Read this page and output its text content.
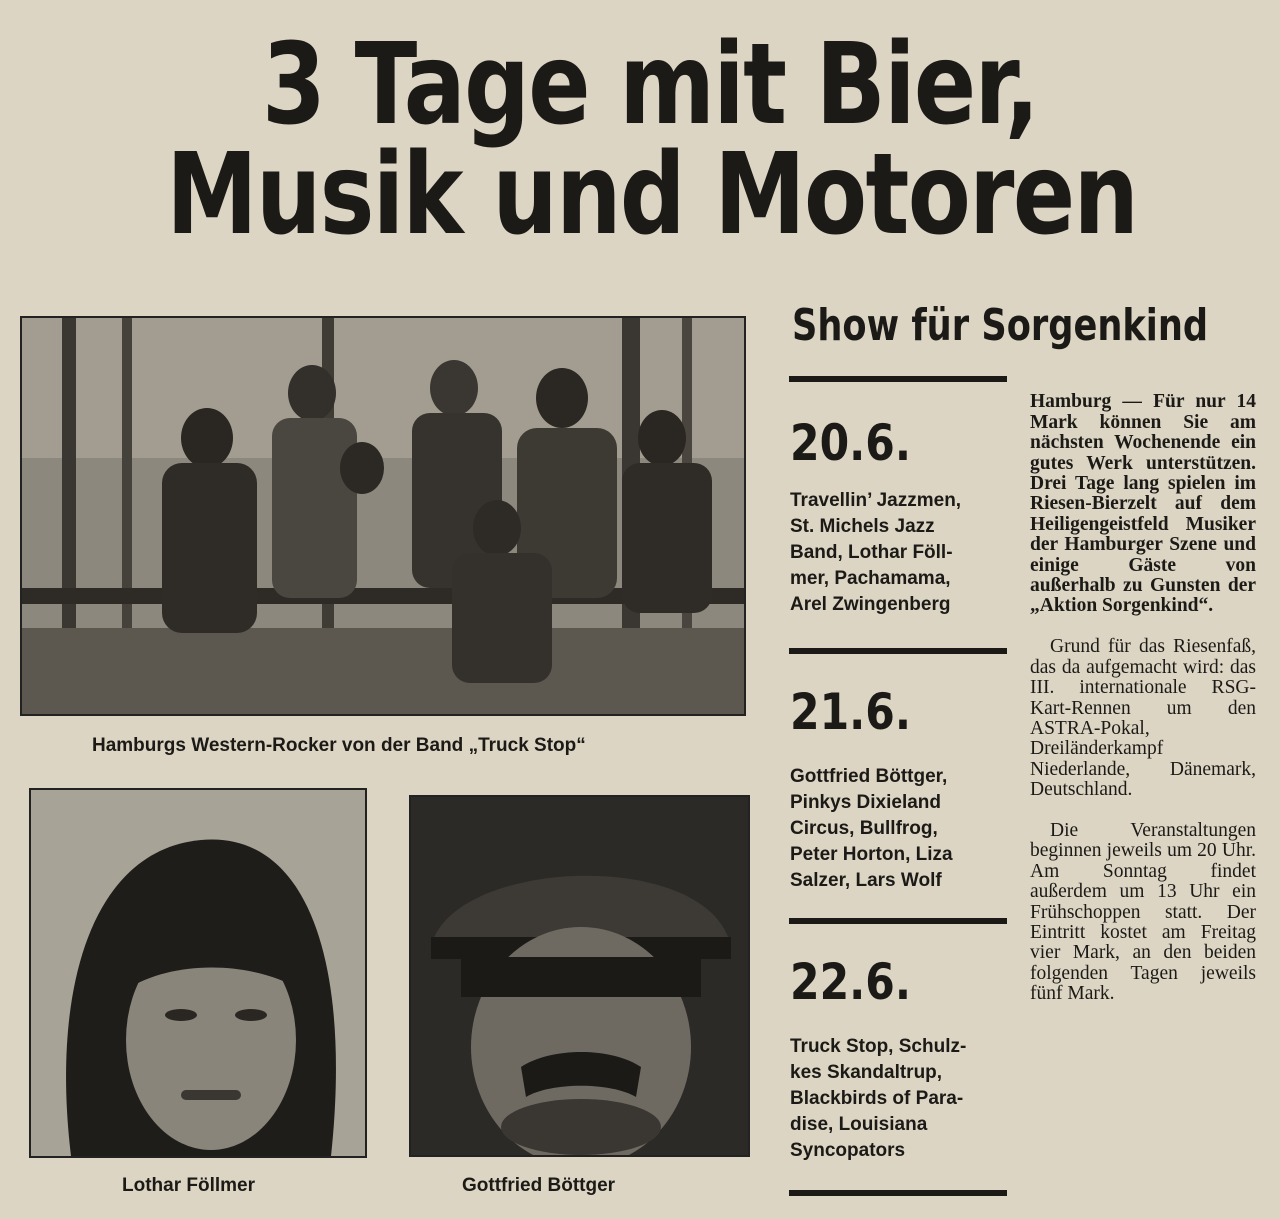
3 Tage mit Bier,
Musik und Motoren
Hamburgs Western-Rocker von der Band „Truck Stop“
Lothar Föllmer	Gottfried Böttger
Show für Sorgenkind
20.6.
Travellin’ Jazzmen,
St. Michels Jazz
Band, Lothar Föll-
mer, Pachamama,
Arel Zwingenberg
21.6.
Gottfried Böttger,
Pinkys Dixieland
Circus, Bullfrog,
Peter Horton, Liza
Salzer, Lars Wolf
22.6.
Truck Stop, Schulz-
kes Skandaltrup,
Blackbirds of Para-
dise, Louisiana
Syncopators

Hamburg — Für nur 14 Mark können Sie am nächsten Wochenende ein gutes Werk unterstützen. Drei Tage lang spielen im Riesen-Bierzelt auf dem Heiligengeistfeld Musiker der Hamburger Szene und einige Gäste von außerhalb zu Gunsten der „Aktion Sorgenkind“.

Grund für das Riesenfaß, das da aufgemacht wird: das III. internationale RSG-Kart-Rennen um den ASTRA-Pokal, Dreiländerkampf Niederlande, Dänemark, Deutschland.

Die Veranstaltungen beginnen jeweils um 20 Uhr. Am Sonntag findet außerdem um 13 Uhr ein Frühschoppen statt. Der Eintritt kostet am Freitag vier Mark, an den beiden folgenden Tagen jeweils fünf Mark.
